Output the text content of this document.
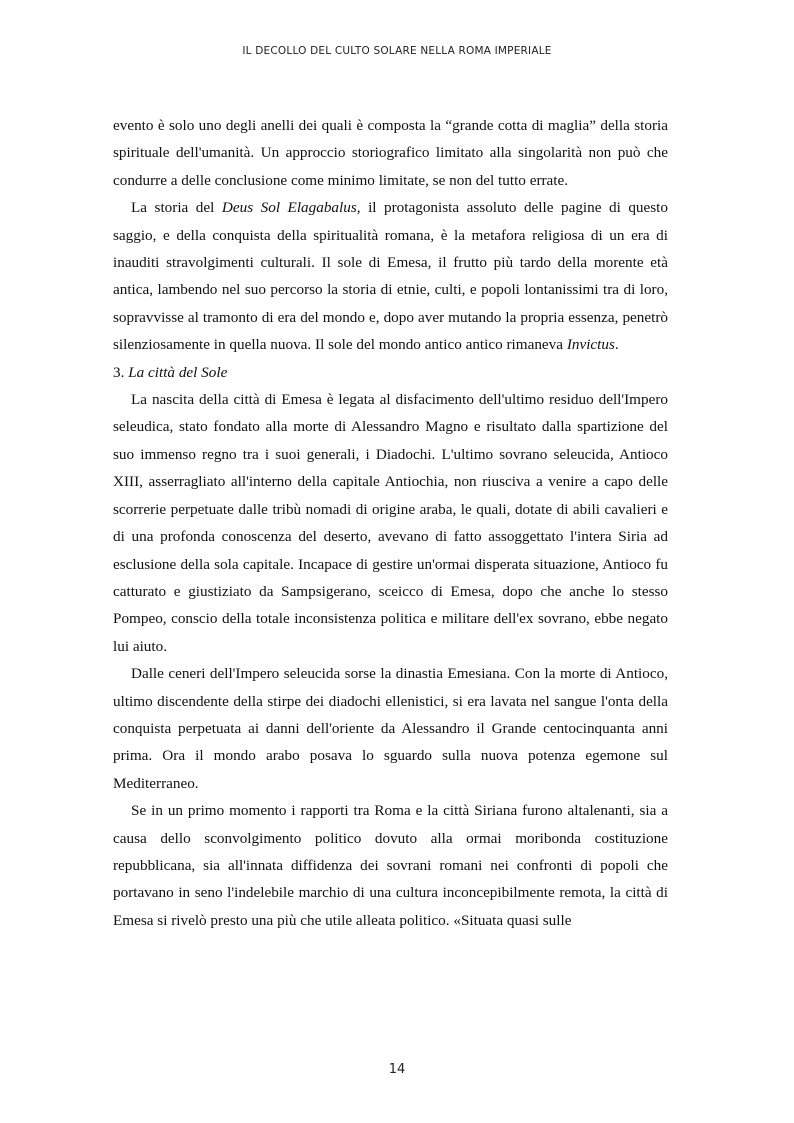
IL DECOLLO DEL CULTO SOLARE NELLA ROMA IMPERIALE

evento è solo uno degli anelli dei quali è composta la “grande cotta di maglia” della storia spirituale dell'umanità. Un approccio storiografico limitato alla singolarità non può che condurre a delle conclusione come minimo limitate, se non del tutto errate.

La storia del Deus Sol Elagabalus, il protagonista assoluto delle pagine di questo saggio, e della conquista della spiritualità romana, è la metafora religiosa di un era di inauditi stravolgimenti culturali. Il sole di Emesa, il frutto più tardo della morente età antica, lambendo nel suo percorso la storia di etnie, culti, e popoli lontanissimi tra di loro, sopravvisse al tramonto di era del mondo e, dopo aver mutando la propria essenza, penetrò silenziosamente in quella nuova. Il sole del mondo antico antico rimaneva Invictus.

3. La città del Sole

La nascita della città di Emesa è legata al disfacimento dell'ultimo residuo dell'Impero seleudica, stato fondato alla morte di Alessandro Magno e risultato dalla spartizione del suo immenso regno tra i suoi generali, i Diadochi. L'ultimo sovrano seleucida, Antioco XIII, asserragliato all'interno della capitale Antiochia, non riusciva a venire a capo delle scorrerie perpetuate dalle tribù nomadi di origine araba, le quali, dotate di abili cavalieri e di una profonda conoscenza del deserto, avevano di fatto assoggettato l'intera Siria ad esclusione della sola capitale. Incapace di gestire un'ormai disperata situazione, Antioco fu catturato e giustiziato da Sampsigerano, sceicco di Emesa, dopo che anche lo stesso Pompeo, conscio della totale inconsistenza politica e militare dell'ex sovrano, ebbe negato lui aiuto.

Dalle ceneri dell'Impero seleucida sorse la dinastia Emesiana. Con la morte di Antioco, ultimo discendente della stirpe dei diadochi ellenistici, si era lavata nel sangue l'onta della conquista perpetuata ai danni dell'oriente da Alessandro il Grande centocinquanta anni prima. Ora il mondo arabo posava lo sguardo sulla nuova potenza egemone sul Mediterraneo.

Se in un primo momento i rapporti tra Roma e la città Siriana furono altalenanti, sia a causa dello sconvolgimento politico dovuto alla ormai moribonda costituzione repubblicana, sia all'innata diffidenza dei sovrani romani nei confronti di popoli che portavano in seno l'indelebile marchio di una cultura inconcepibilmente remota, la città di Emesa si rivelò presto una più che utile alleata politico. «Situata quasi sulle

14
